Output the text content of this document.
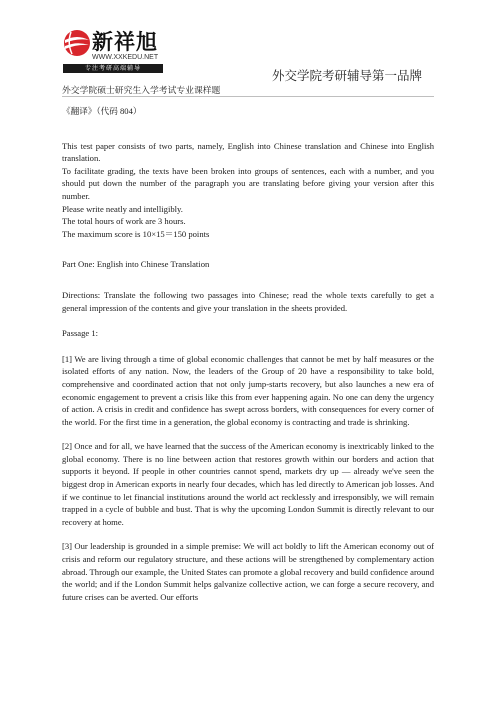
新祥旭
WWW.XXKEDU.NET
专注考研高端辅导	外交学院考研辅导第一品牌
外交学院硕士研究生入学考试专业课样题

《翻译》（代码 804）

This test paper consists of two parts, namely, English into Chinese translation and Chinese into English translation.

To facilitate grading, the texts have been broken into groups of sentences, each with a number, and you should put down the number of the paragraph you are translating before giving your version after this number.

Please write neatly and intelligibly.

The total hours of work are 3 hours.

The maximum score is 10×15＝150 points

Part One: English into Chinese Translation

Directions: Translate the following two passages into Chinese; read the whole texts carefully to get a general impression of the contents and give your translation in the sheets provided.

Passage 1:

[1] We are living through a time of global economic challenges that cannot be met by half measures or the isolated efforts of any nation. Now, the leaders of the Group of 20 have a responsibility to take bold, comprehensive and coordinated action that not only jump-starts recovery, but also launches a new era of economic engagement to prevent a crisis like this from ever happening again. No one can deny the urgency of action. A crisis in credit and confidence has swept across borders, with consequences for every corner of the world. For the first time in a generation, the global economy is contracting and trade is shrinking.

[2] Once and for all, we have learned that the success of the American economy is inextricably linked to the global economy. There is no line between action that restores growth within our borders and action that supports it beyond. If people in other countries cannot spend, markets dry up — already we've seen the biggest drop in American exports in nearly four decades, which has led directly to American job losses. And if we continue to let financial institutions around the world act recklessly and irresponsibly, we will remain trapped in a cycle of bubble and bust. That is why the upcoming London Summit is directly relevant to our recovery at home.

[3] Our leadership is grounded in a simple premise: We will act boldly to lift the American economy out of crisis and reform our regulatory structure, and these actions will be strengthened by complementary action abroad. Through our example, the United States can promote a global recovery and build confidence around the world; and if the London Summit helps galvanize collective action, we can forge a secure recovery, and future crises can be averted. Our efforts
